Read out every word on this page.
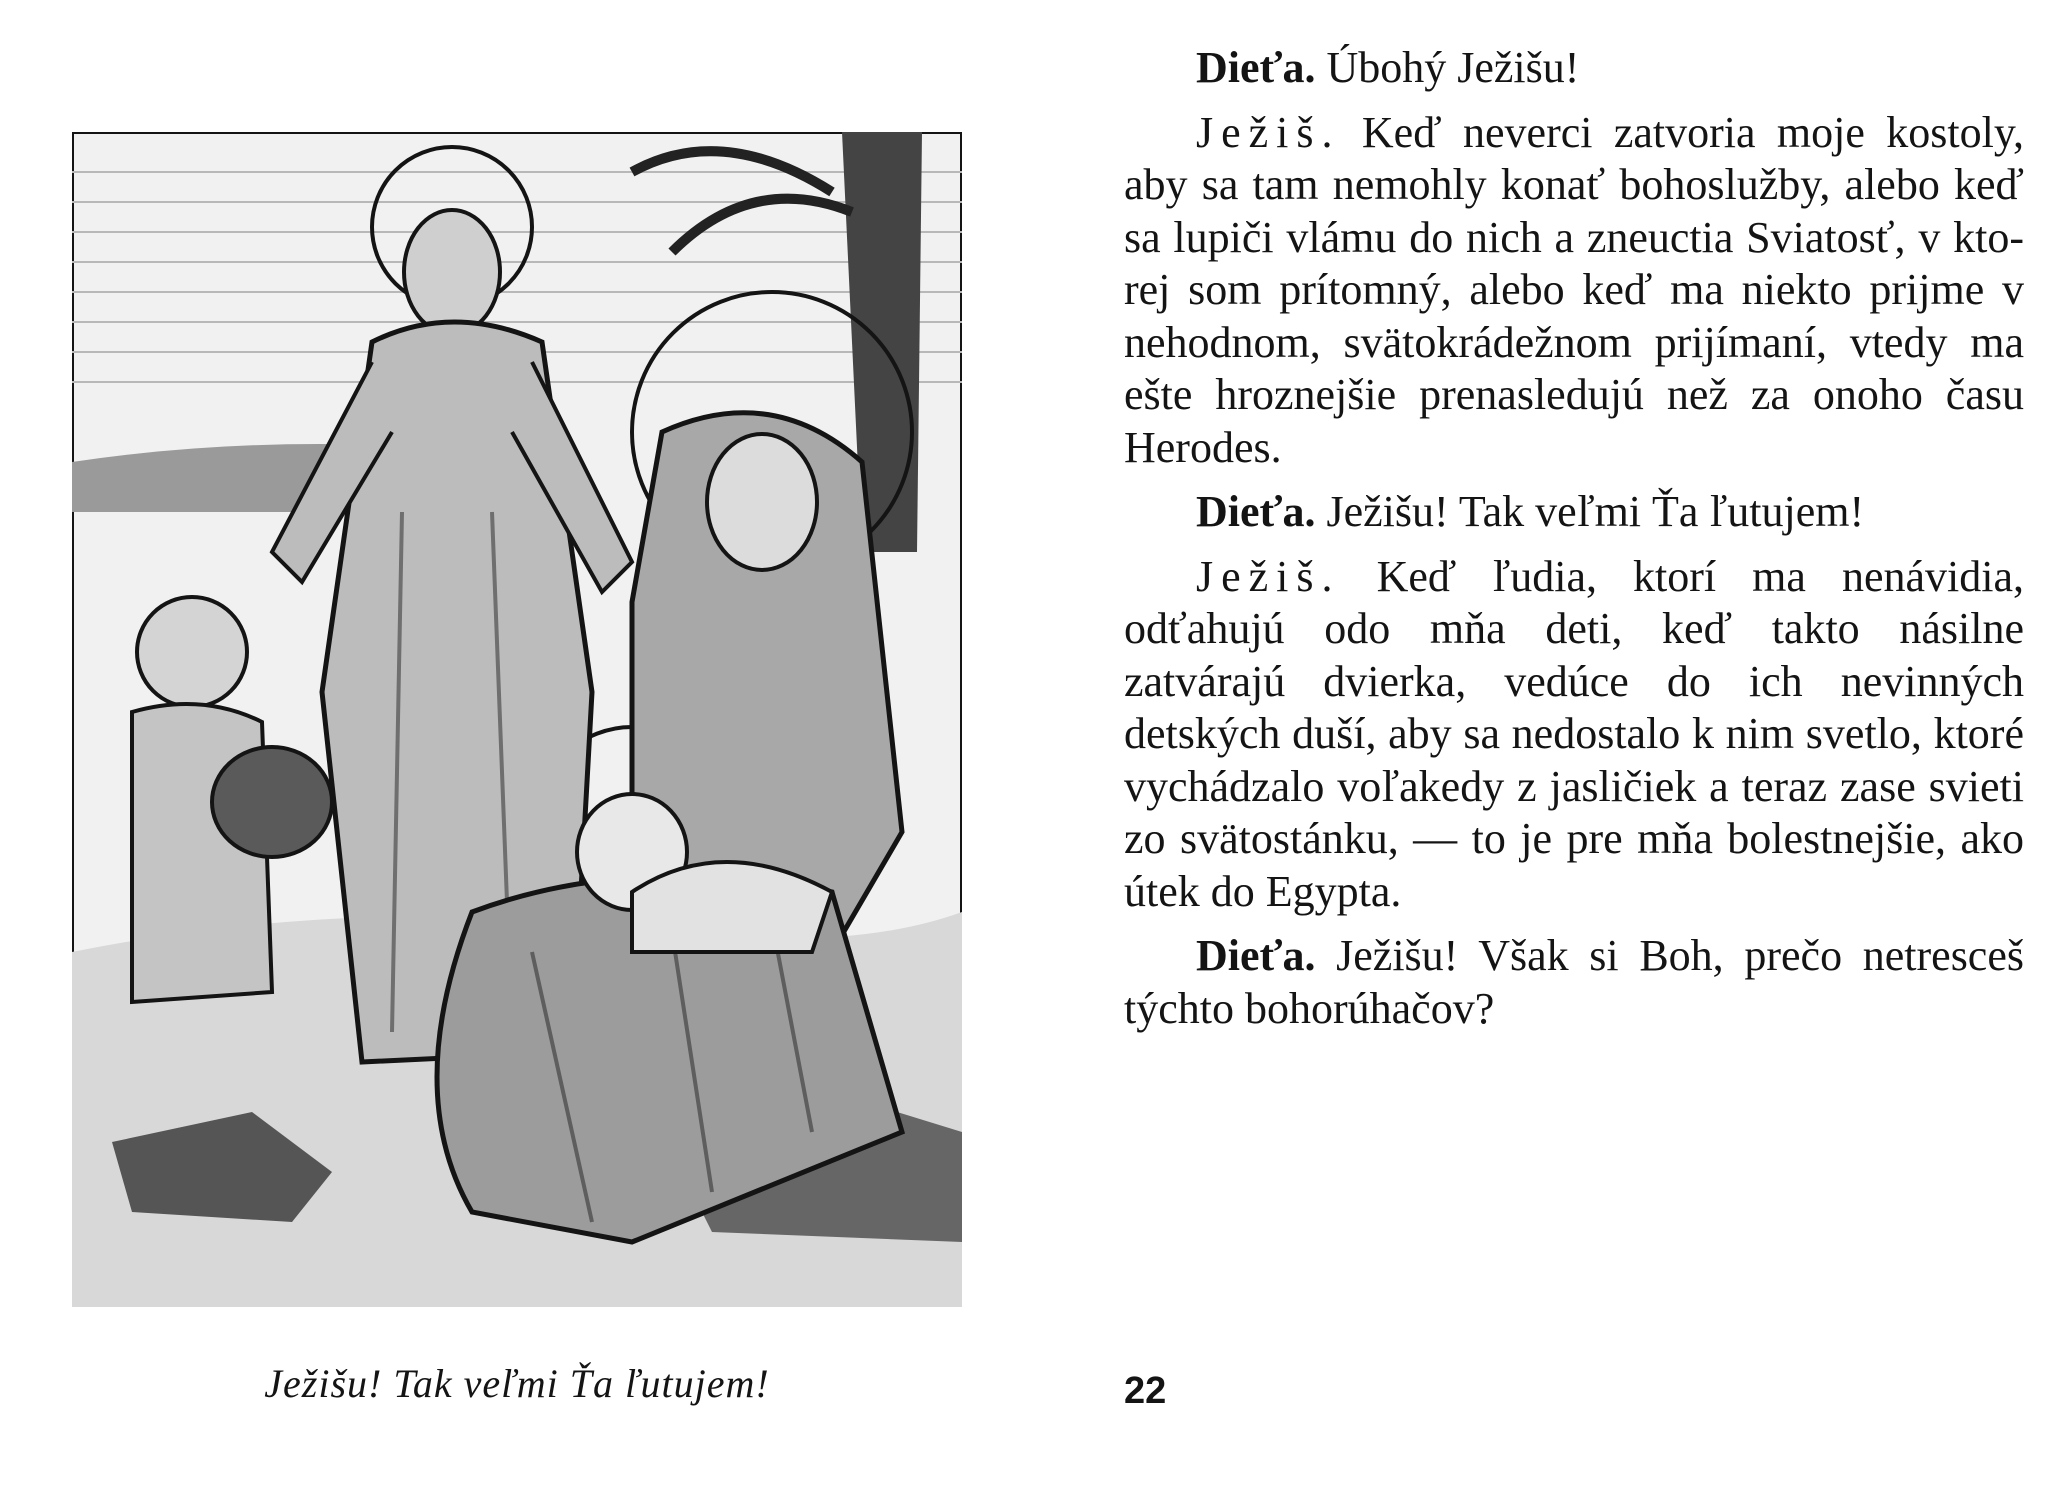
Ježišu! Tak veľmi Ťa ľutujem!

Dieťa. Úbohý Ježišu!

Ježiš. Keď neverci zatvoria moje kostoly, aby sa tam nemohly konať bohoslužby, alebo keď sa lupiči vlámu do nich a zneuctia Sviatosť, v ktorej som prítomný, alebo keď ma niekto prijme v nehodnom, svätokrádežnom prijímaní, vtedy ma ešte hroznejšie prenasledujú než za onoho času Herodes.

Dieťa. Ježišu! Tak veľmi Ťa ľutujem!

Ježiš. Keď ľudia, ktorí ma nenávidia, odťahujú odo mňa deti, keď takto násilne zatvárajú dvierka, vedúce do ich nevinných detských duší, aby sa nedostalo k nim svetlo, ktoré vychádzalo voľakedy z jasličiek a teraz zase svieti zo svätostánku, — to je pre mňa bolestnejšie, ako útek do Egypta.

Dieťa. Ježišu! Však si Boh, prečo netresceš týchto bohorúhačov?

22
